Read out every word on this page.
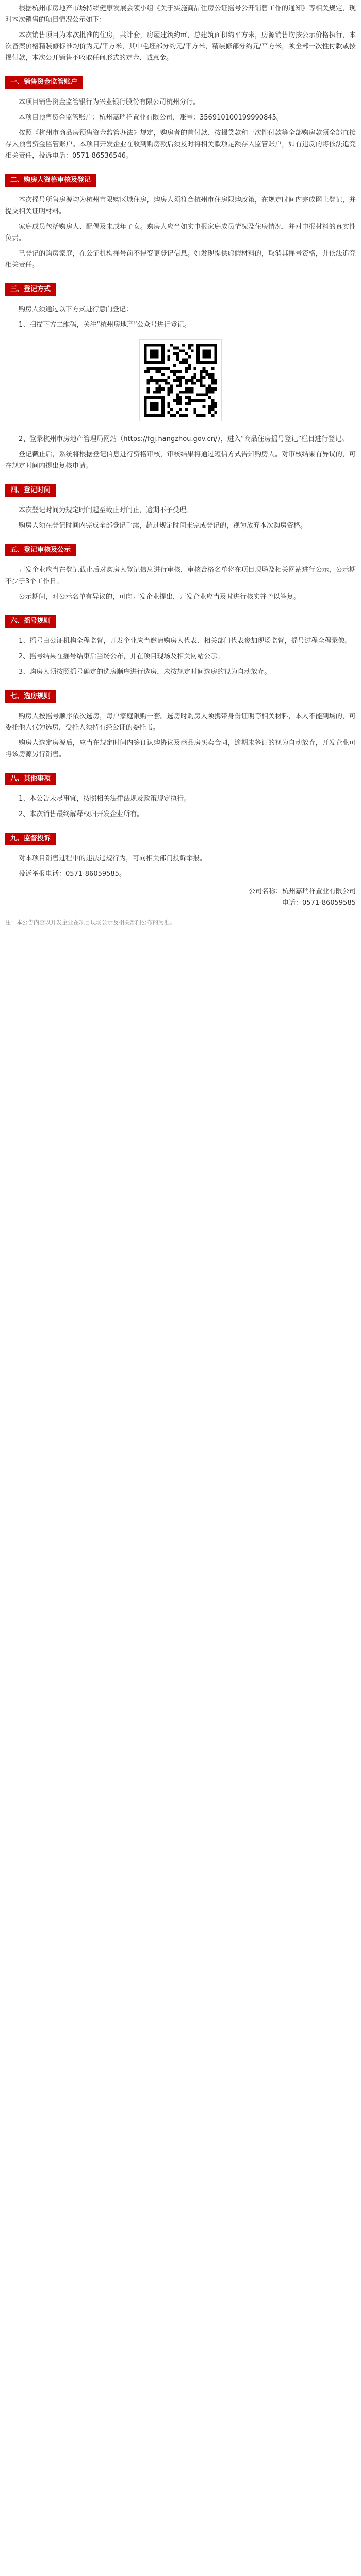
根据杭州市房地产市场持续健康发展会领小组《关于实施商品住房公证摇号公开销售工作的通知》等相关规定，现对本次销售的项目情况公示如下：

本次销售项目为本次批准的住房，共计套，房屋建筑约㎡，总建筑面积约平方米，房源销售均按公示价格执行，本次备案价格精装修标准均价为元/平方米，其中毛坯部分约元/平方米，精装修部分约元/平方米，须全部一次性付款或按揭付款，本次公开销售不收取任何形式的定金、诚意金。

一、销售资金监管账户

本项目销售资金监管银行为兴业银行股份有限公司杭州分行。

本项目预售资金监管账户：杭州嘉瑞祥置业有限公司，账号：356910100199990845。

按照《杭州市商品房预售资金监管办法》规定，购房者的首付款、按揭贷款和一次性付款等全部购房款须全部直接存入预售资金监管账户。本项目开发企业在收到购房款后须及时将相关款项足额存入监管账户，如有违反的将依法追究相关责任，投诉电话：0571-86536546。

二、购房人资格审核及登记

本次摇号所售房源均为杭州市限购区域住房，购房人须符合杭州市住房限购政策，在规定时间内完成网上登记，并提交相关证明材料。

家庭成员包括购房人、配偶及未成年子女。购房人应当如实申报家庭成员情况及住房情况，并对申报材料的真实性负责。

已登记的购房家庭，在公证机构摇号前不得变更登记信息。如发现提供虚假材料的，取消其摇号资格，并依法追究相关责任。

三、登记方式

购房人须通过以下方式进行意向登记：

1、扫描下方二维码，关注“杭州房地产”公众号进行登记。

2、登录杭州市房地产管理局网站（https://fgj.hangzhou.gov.cn/），进入“商品住房摇号登记”栏目进行登记。

登记截止后，系统将根据登记信息进行资格审核，审核结果将通过短信方式告知购房人。对审核结果有异议的，可在规定时间内提出复核申请。

四、登记时间

本次登记时间为规定时间起至截止时间止，逾期不予受理。

购房人须在登记时间内完成全部登记手续，超过规定时间未完成登记的，视为放弃本次购房资格。

五、登记审核及公示

开发企业应当在登记截止后对购房人登记信息进行审核，审核合格名单将在项目现场及相关网站进行公示，公示期不少于3个工作日。

公示期间，对公示名单有异议的，可向开发企业提出，开发企业应当及时进行核实并予以答复。

六、摇号规则

1、摇号由公证机构全程监督，开发企业应当邀请购房人代表、相关部门代表参加现场监督，摇号过程全程录像。

2、摇号结果在摇号结束后当场公布，并在项目现场及相关网站公示。

3、购房人须按照摇号确定的选房顺序进行选房，未按规定时间选房的视为自动放弃。

七、选房规则

购房人按摇号顺序依次选房，每户家庭限购一套。选房时购房人须携带身份证明等相关材料，本人不能到场的，可委托他人代为选房，受托人须持有经公证的委托书。

购房人选定房源后，应当在规定时间内签订认购协议及商品房买卖合同，逾期未签订的视为自动放弃，开发企业可将该房源另行销售。

八、其他事项

1、本公告未尽事宜，按照相关法律法规及政策规定执行。

2、本次销售最终解释权归开发企业所有。

九、监督投诉

对本项目销售过程中的违法违规行为，可向相关部门投诉举报。

投诉举报电话：0571-86059585。

公司名称：杭州嘉瑞祥置业有限公司

电话：0571-86059585

注：本公告内容以开发企业在项目现场公示及相关部门公布的为准。
